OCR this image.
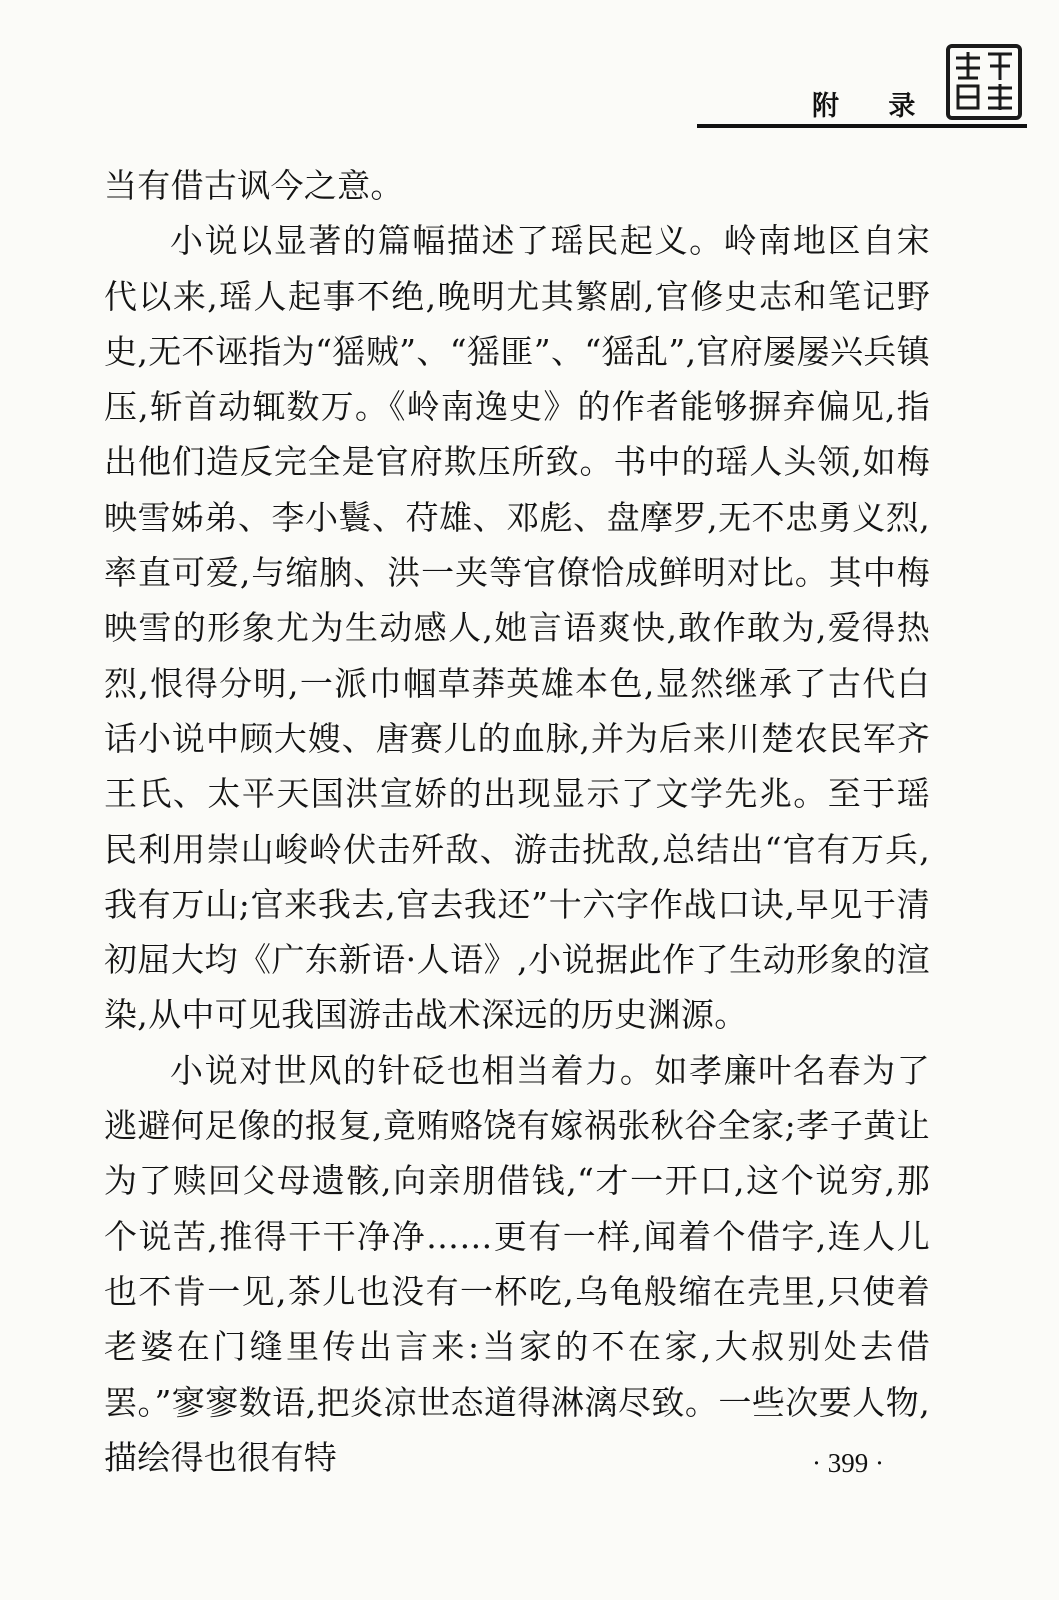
附 录

当有借古讽今之意。

小说以显著的篇幅描述了瑶民起义。岭南地区自宋代以来,瑶人起事不绝,晚明尤其繁剧,官修史志和笔记野史,无不诬指为“猺贼”、“猺匪”、“猺乱”,官府屡屡兴兵镇压,斩首动辄数万。《岭南逸史》的作者能够摒弃偏见,指出他们造反完全是官府欺压所致。书中的瑶人头领,如梅映雪姊弟、李小鬟、苻雄、邓彪、盘摩罗,无不忠勇义烈,率直可爱,与缩朒、洪一夹等官僚恰成鲜明对比。其中梅映雪的形象尤为生动感人,她言语爽快,敢作敢为,爱得热烈,恨得分明,一派巾帼草莽英雄本色,显然继承了古代白话小说中顾大嫂、唐赛儿的血脉,并为后来川楚农民军齐王氏、太平天国洪宣娇的出现显示了文学先兆。至于瑶民利用崇山峻岭伏击歼敌、游击扰敌,总结出“官有万兵,我有万山;官来我去,官去我还”十六字作战口诀,早见于清初屈大均《广东新语·人语》,小说据此作了生动形象的渲染,从中可见我国游击战术深远的历史渊源。

小说对世风的针砭也相当着力。如孝廉叶名春为了逃避何足像的报复,竟贿赂饶有嫁祸张秋谷全家;孝子黄让为了赎回父母遗骸,向亲朋借钱,“才一开口,这个说穷,那个说苦,推得干干净净……更有一样,闻着个借字,连人儿也不肯一见,茶儿也没有一杯吃,乌龟般缩在壳里,只使着老婆在门缝里传出言来:当家的不在家,大叔别处去借罢。”寥寥数语,把炎凉世态道得淋漓尽致。一些次要人物,描绘得也很有特	· 399 ·
